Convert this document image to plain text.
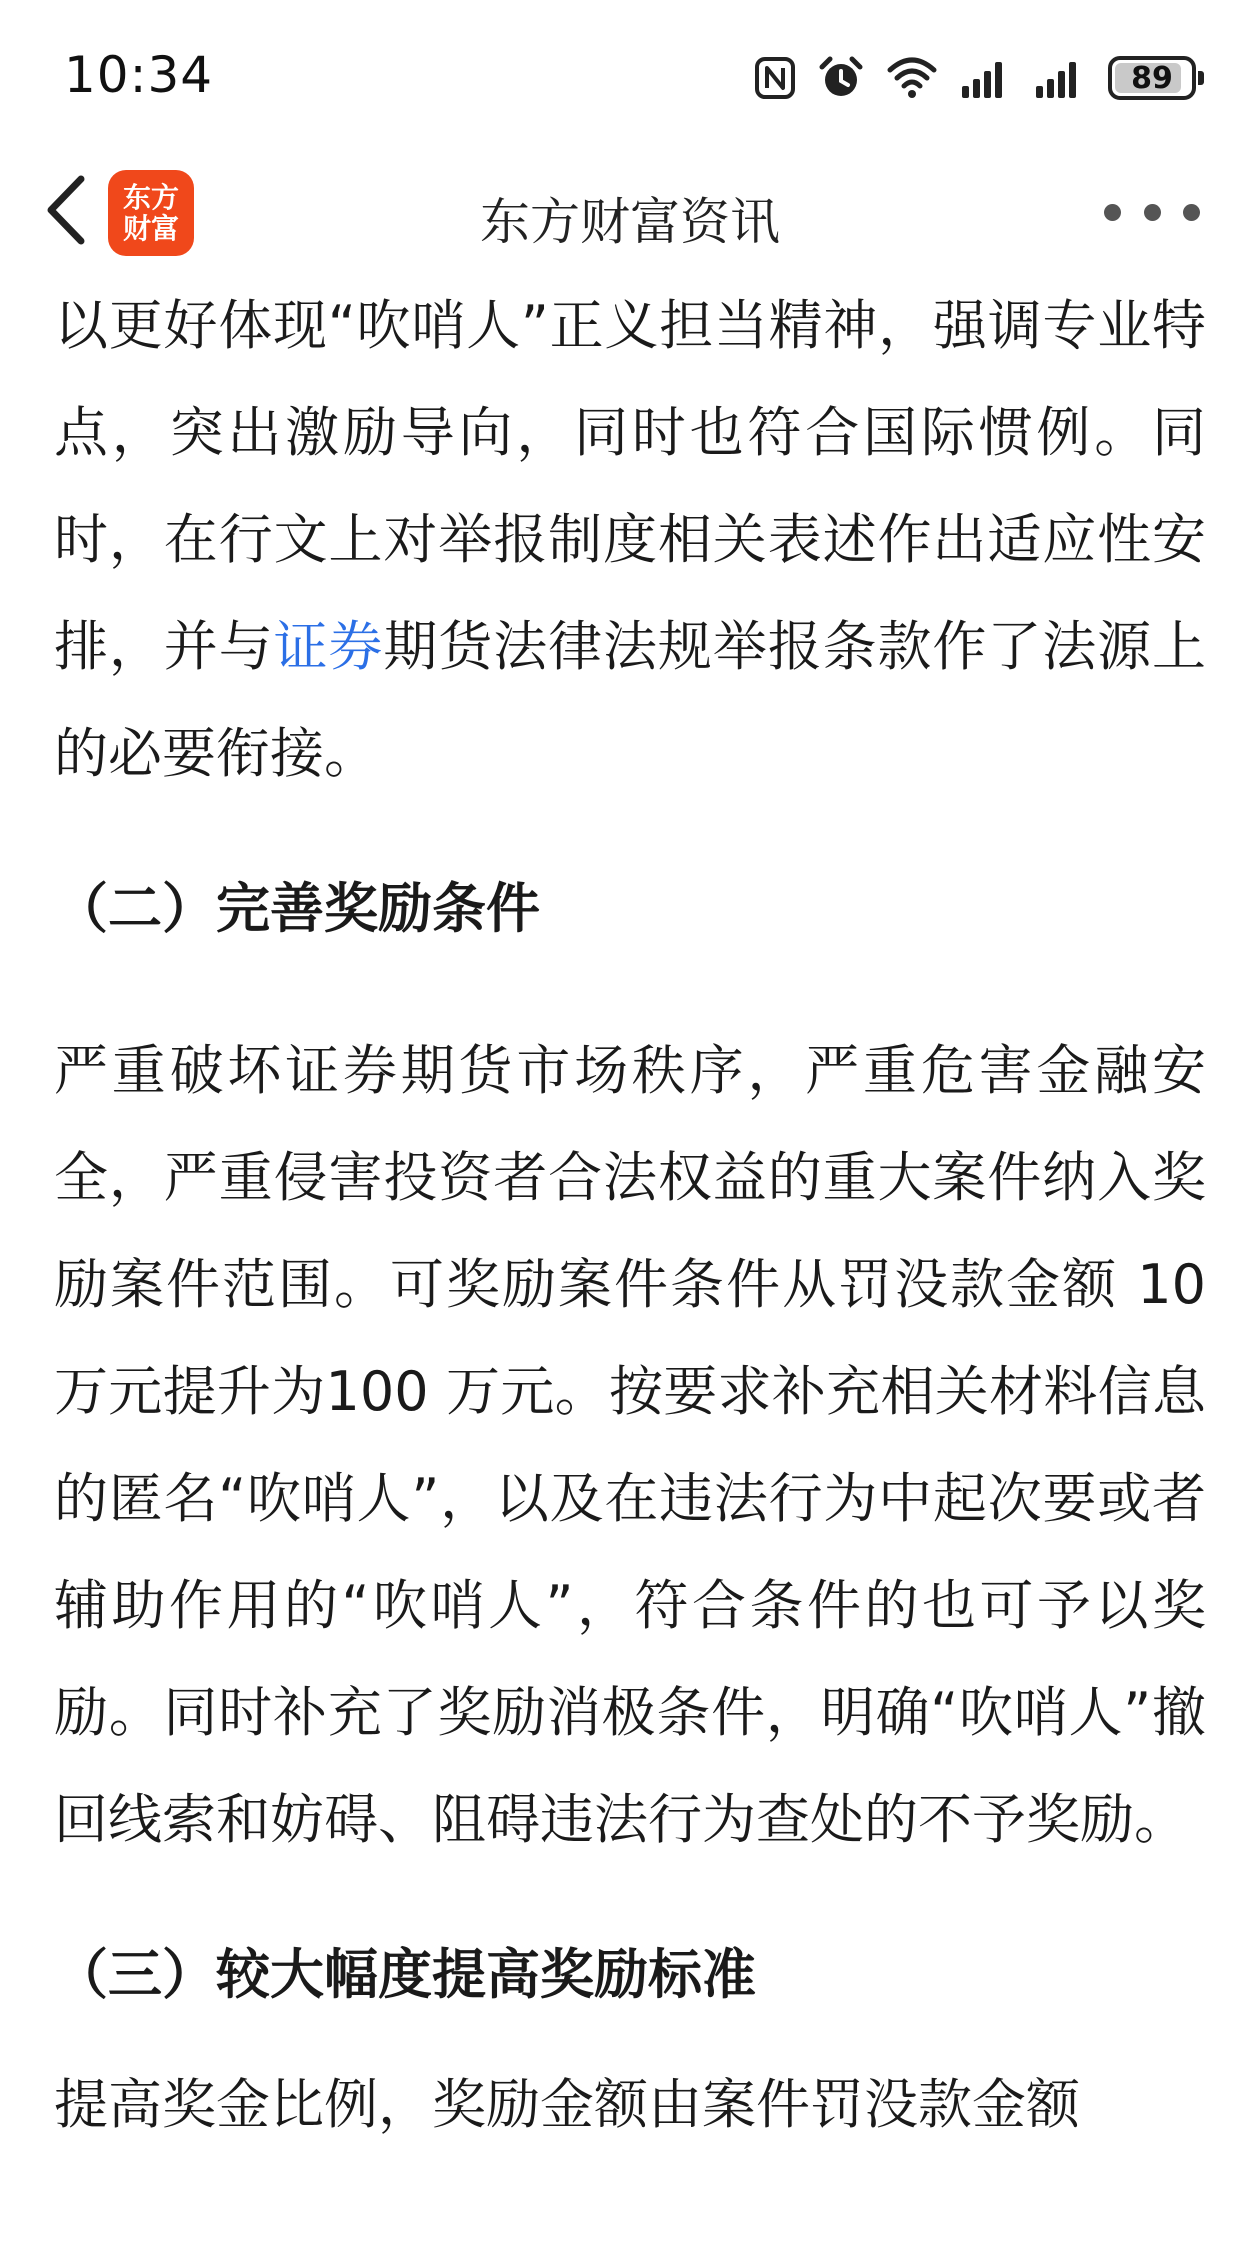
10:34	89
东方
财富	东方财富资讯

以更好体现“吹哨人”正义担当精神，强调专业特点，突出激励导向，同时也符合国际惯例。同时，在行文上对举报制度相关表述作出适应性安排，并与证券期货法律法规举报条款作了法源上的必要衔接。

（二）完善奖励条件

严重破坏证券期货市场秩序，严重危害金融安全，严重侵害投资者合法权益的重大案件纳入奖励案件范围。可奖励案件条件从罚没款金额 10 万元提升为100 万元。按要求补充相关材料信息的匿名“吹哨人”，以及在违法行为中起次要或者辅助作用的“吹哨人”，符合条件的也可予以奖励。同时补充了奖励消极条件，明确“吹哨人”撤回线索和妨碍、阻碍违法行为查处的不予奖励。

（三）较大幅度提高奖励标准

提高奖金比例，奖励金额由案件罚没款金额
